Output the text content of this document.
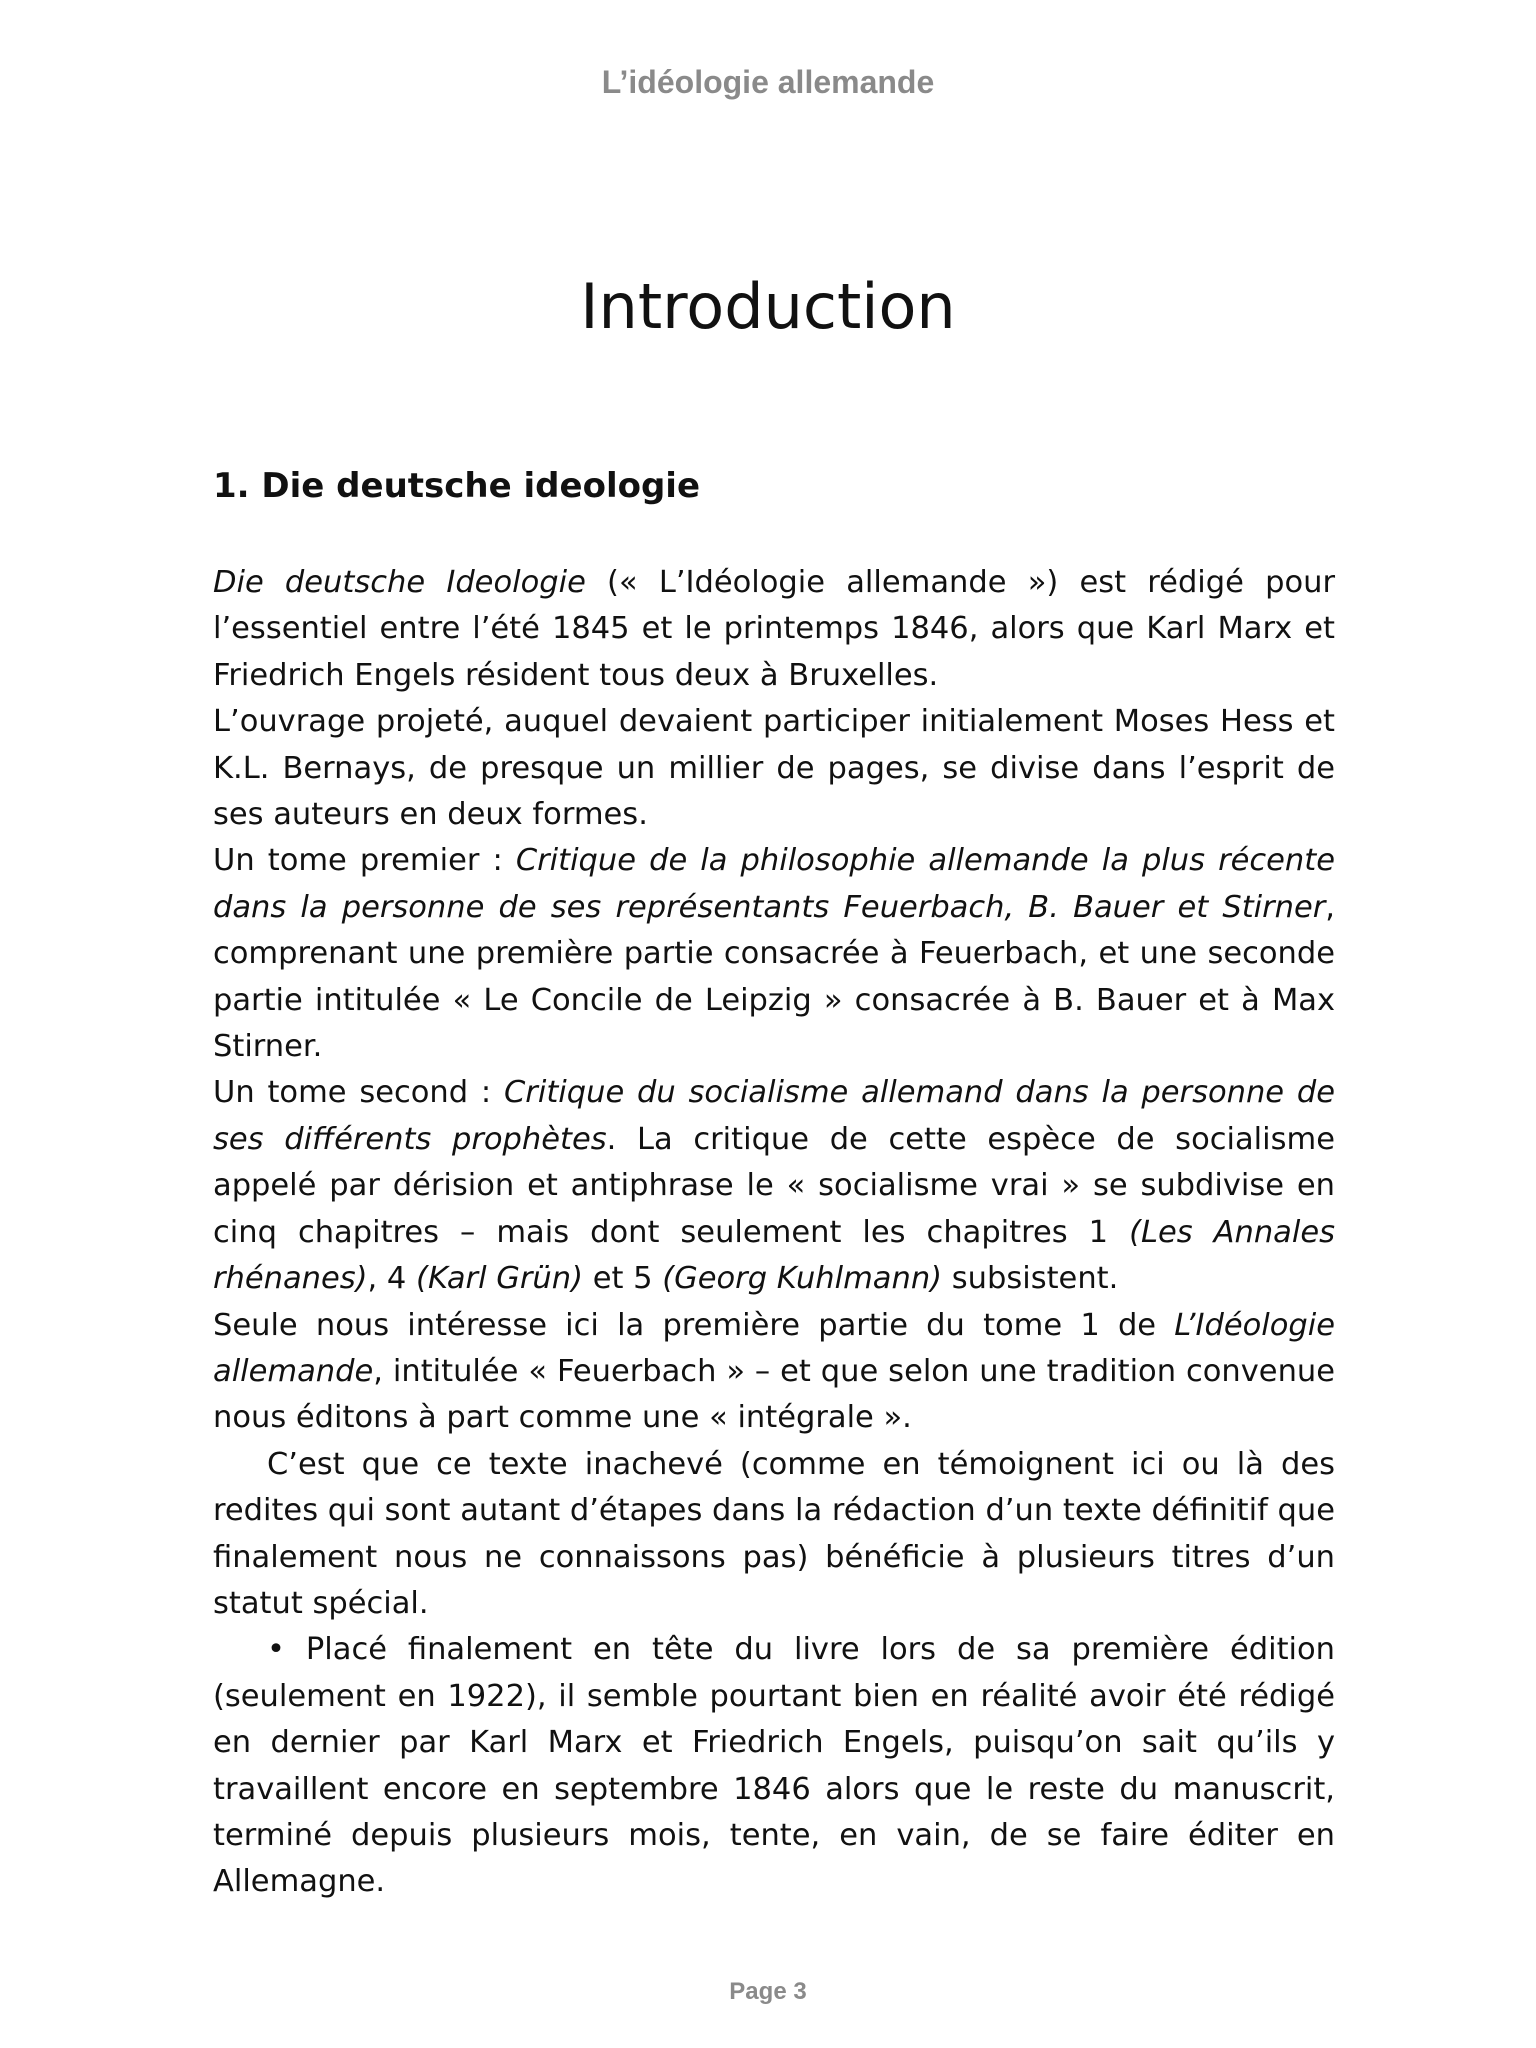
L’idéologie allemande
Introduction
1. Die deutsche ideologie

Die deutsche Ideologie (« L’Idéologie allemande ») est rédigé pour l’essentiel entre l’été 1845 et le printemps 1846, alors que Karl Marx et Friedrich Engels résident tous deux à Bruxelles.

L’ouvrage projeté, auquel devaient participer initialement Moses Hess et K.L. Bernays, de presque un millier de pages, se divise dans l’esprit de ses auteurs en deux formes.

Un tome premier : Critique de la philosophie allemande la plus récente dans la personne de ses représentants Feuerbach, B. Bauer et Stirner, comprenant une première partie consacrée à Feuerbach, et une seconde partie intitulée « Le Concile de Leipzig » consacrée à B. Bauer et à Max Stirner.

Un tome second : Critique du socialisme allemand dans la personne de ses différents prophètes. La critique de cette espèce de socialisme appelé par dérision et antiphrase le « socialisme vrai » se subdivise en cinq chapitres – mais dont seulement les chapitres 1 (Les Annales rhénanes), 4 (Karl Grün) et 5 (Georg Kuhlmann) subsistent.

Seule nous intéresse ici la première partie du tome 1 de L’Idéologie allemande, intitulée « Feuerbach » – et que selon une tradition convenue nous éditons à part comme une « intégrale ».

C’est que ce texte inachevé (comme en témoignent ici ou là des redites qui sont autant d’étapes dans la rédaction d’un texte définitif que finalement nous ne connaissons pas) bénéficie à plusieurs titres d’un statut spécial.

• Placé finalement en tête du livre lors de sa première édition (seulement en 1922), il semble pourtant bien en réalité avoir été rédigé en dernier par Karl Marx et Friedrich Engels, puisqu’on sait qu’ils y travaillent encore en septembre 1846 alors que le reste du manuscrit, terminé depuis plusieurs mois, tente, en vain, de se faire éditer en Allemagne.

Page 3
